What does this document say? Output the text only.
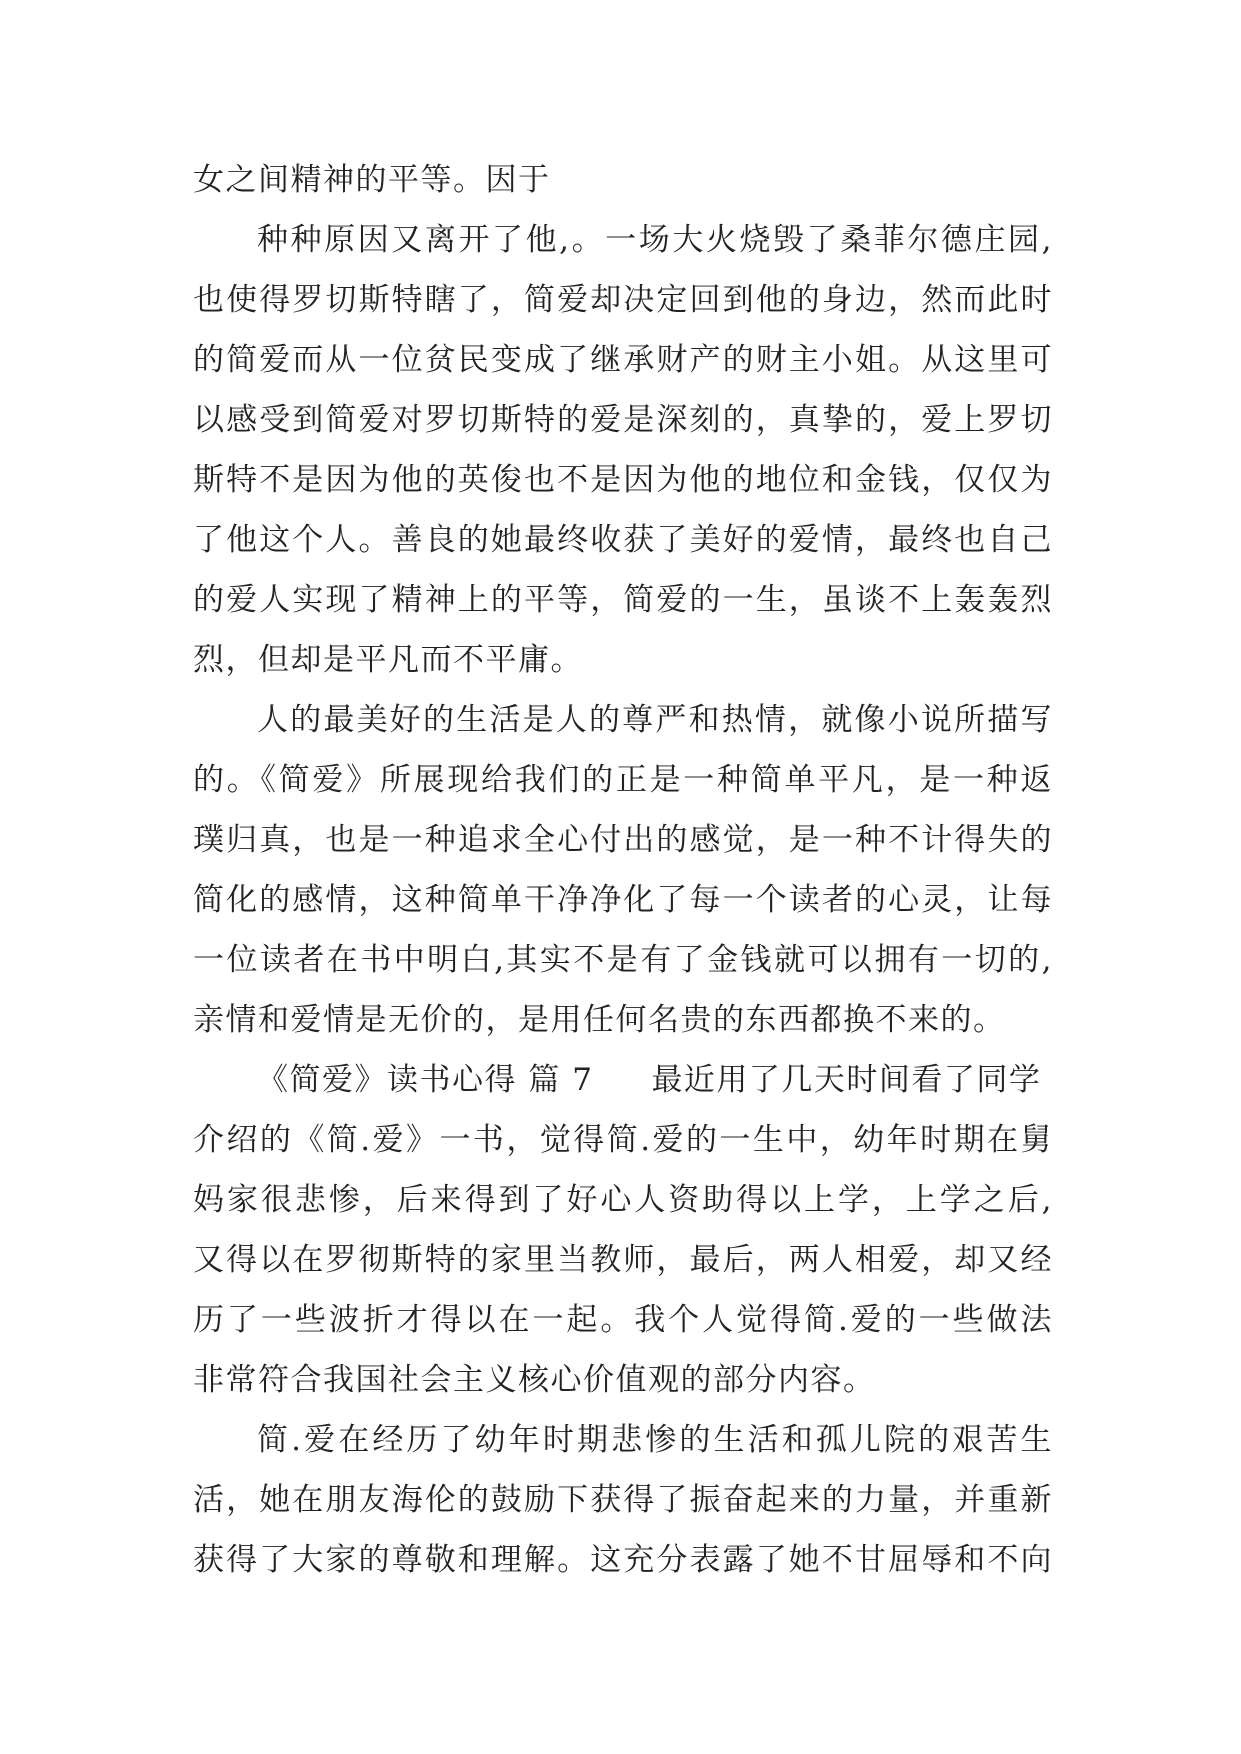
女之间精神的平等。因于
种种原因又离开了他,。一场大火烧毁了桑菲尔德庄园,
也使得罗切斯特瞎了，简爱却决定回到他的身边，然而此时
的简爱而从一位贫民变成了继承财产的财主小姐。从这里可
以感受到简爱对罗切斯特的爱是深刻的，真挚的，爱上罗切
斯特不是因为他的英俊也不是因为他的地位和金钱，仅仅为
了他这个人。善良的她最终收获了美好的爱情，最终也自己
的爱人实现了精神上的平等，简爱的一生，虽谈不上轰轰烈
烈，但却是平凡而不平庸。
人的最美好的生活是人的尊严和热情，就像小说所描写
的。《简爱》所展现给我们的正是一种简单平凡，是一种返
璞归真，也是一种追求全心付出的感觉，是一种不计得失的
简化的感情，这种简单干净净化了每一个读者的心灵，让每
一位读者在书中明白,其实不是有了金钱就可以拥有一切的,
亲情和爱情是无价的，是用任何名贵的东西都换不来的。
《简爱》读书心得 篇 7 最近用了几天时间看了同学
介绍的《简.爱》一书，觉得简.爱的一生中，幼年时期在舅
妈家很悲惨，后来得到了好心人资助得以上学，上学之后,
又得以在罗彻斯特的家里当教师，最后，两人相爱，却又经
历了一些波折才得以在一起。我个人觉得简.爱的一些做法
非常符合我国社会主义核心价值观的部分内容。
简.爱在经历了幼年时期悲惨的生活和孤儿院的艰苦生
活，她在朋友海伦的鼓励下获得了振奋起来的力量，并重新
获得了大家的尊敬和理解。这充分表露了她不甘屈辱和不向
